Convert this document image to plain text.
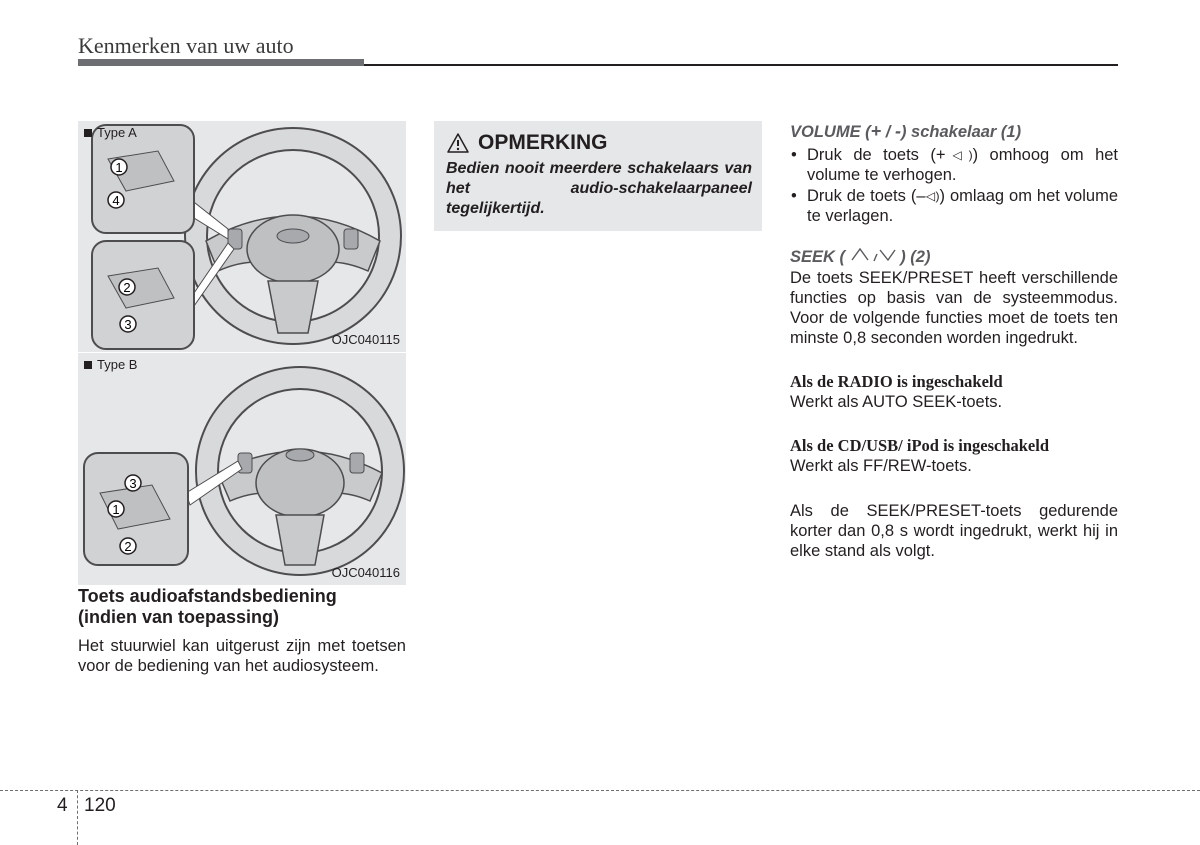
Kenmerken van uw auto
Type A
1
4
2
3
OJC040115
Type B
3
1
2
OJC040116

Toets audioafstandsbediening
(indien van toepassing)

Het stuurwiel kan uitgerust zijn met toetsen voor de bediening van het audiosysteem.

OPMERKING
Bedien nooit meerdere schakelaars van het audio-schakelaarpaneel tegelijkertijd.

VOLUME (+ / -) schakelaar (1)

• Druk de toets (+◁)) omhoog om het volume te verhogen.
• Druk de toets (–◁)) omlaag om het volume te verlagen.

SEEK (	) (2)

De toets SEEK/PRESET heeft verschillende functies op basis van de systeemmodus. Voor de volgende functies moet de toets ten minste 0,8 seconden worden ingedrukt.

Als de RADIO is ingeschakeld

Werkt als AUTO SEEK-toets.

Als de CD/USB/ iPod is ingeschakeld

Werkt als FF/REW-toets.

Als de SEEK/PRESET-toets gedurende korter dan 0,8 s wordt ingedrukt, werkt hij in elke stand als volgt.

4 120
